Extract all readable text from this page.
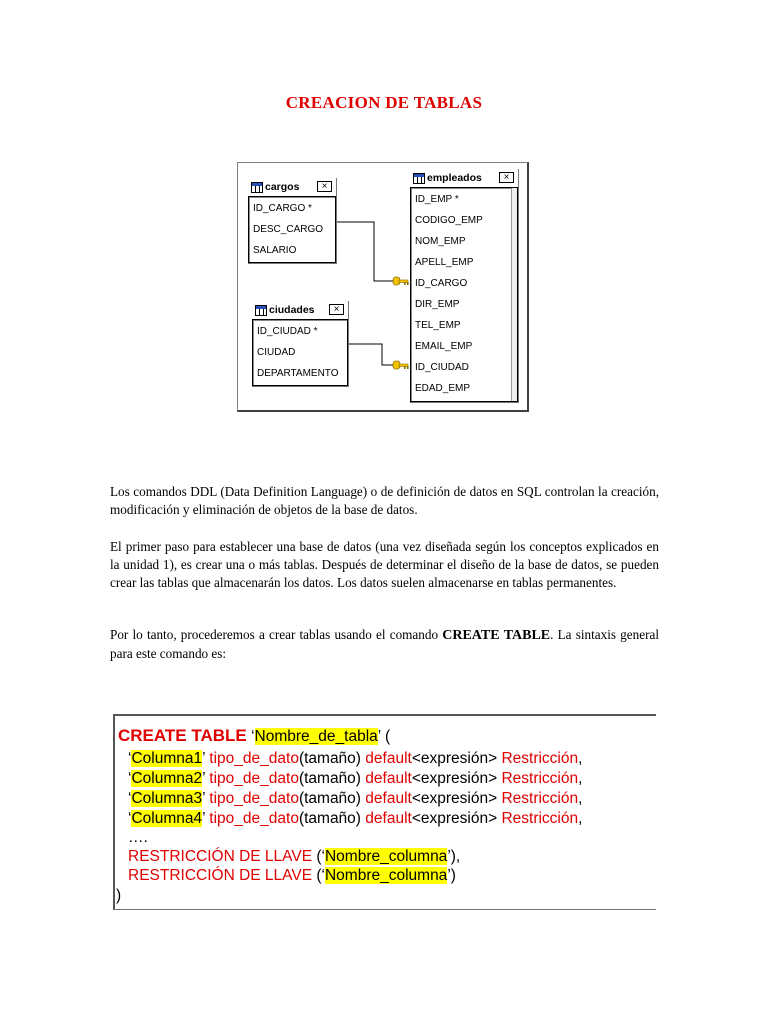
CREACION DE TABLAS
cargos	×
ID_CARGO *
DESC_CARGO
SALARIO
ciudades	×
ID_CIUDAD *
CIUDAD
DEPARTAMENTO
empleados	×
ID_EMP *
CODIGO_EMP
NOM_EMP
APELL_EMP
ID_CARGO
DIR_EMP
TEL_EMP
EMAIL_EMP
ID_CIUDAD
EDAD_EMP
Los comandos DDL (Data Definition Language) o de definición de datos en SQL controlan la creación, modificación y eliminación de objetos de la base de datos.
El primer paso para establecer una base de datos (una vez diseñada según los conceptos explicados en la unidad 1), es crear una o más tablas. Después de determinar el diseño de la base de datos, se pueden crear las tablas que almacenarán los datos. Los datos suelen almacenarse en tablas permanentes.
Por lo tanto, procederemos a crear tablas usando el comando CREATE TABLE. La sintaxis general para este comando es:
CREATE TABLE ‘Nombre_de_tabla’ (
‘Columna1’ tipo_de_dato(tamaño) default<expresión> Restricción,
‘Columna2’ tipo_de_dato(tamaño) default<expresión> Restricción,
‘Columna3’ tipo_de_dato(tamaño) default<expresión> Restricción,
‘Columna4’ tipo_de_dato(tamaño) default<expresión> Restricción,
….
RESTRICCIÓN DE LLAVE (‘Nombre_columna’),
RESTRICCIÓN DE LLAVE (‘Nombre_columna’)
)
